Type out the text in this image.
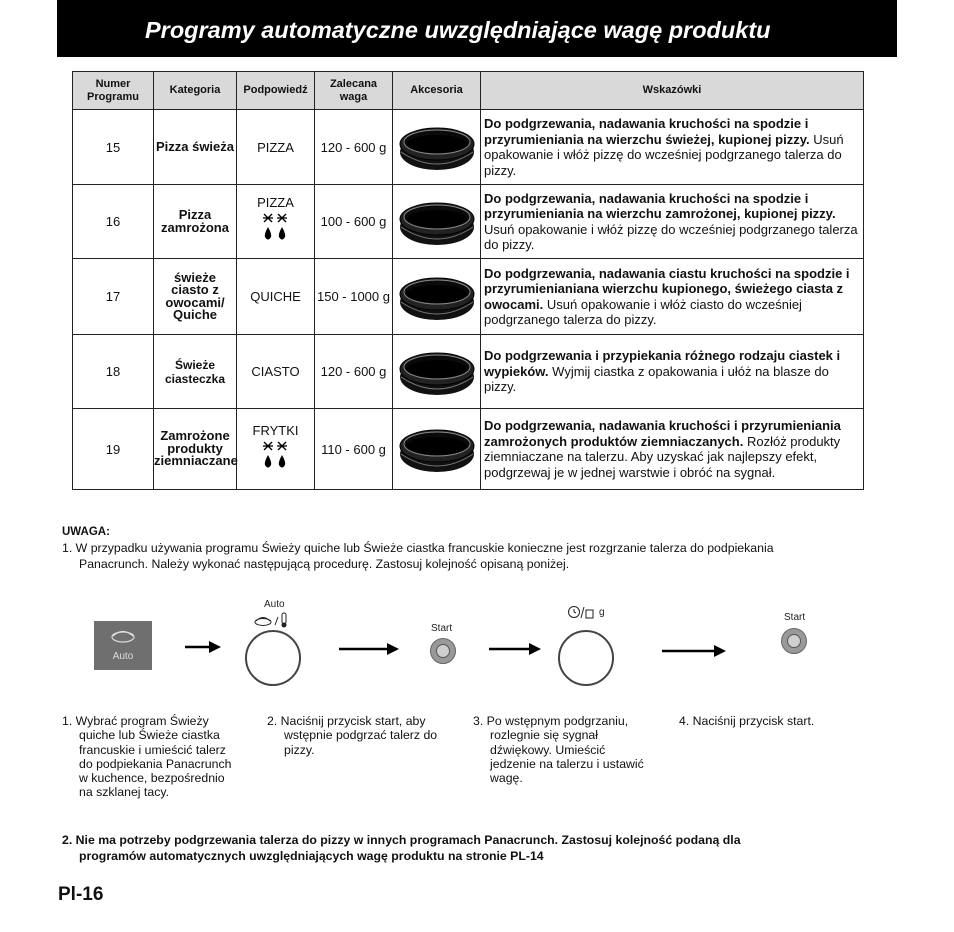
Programy automatyczne uwzględniające wagę produktu
Numer Programu	Kategoria	Podpowiedź	Zalecana waga	Akcesoria	Wskazówki
15	Pizza świeża	PIZZA	120 - 600 g		Do podgrzewania, nadawania kruchości na spodzie i przyrumieniania na wierzchu świeżej, kupionej pizzy. Usuń opakowanie i włóż pizzę do wcześniej podgrzanego talerza do pizzy.
16	Pizza zamrożona	PIZZA	100 - 600 g		Do podgrzewania, nadawania kruchości na spodzie i przyrumieniania na wierzchu zamrożonej, kupionej pizzy. Usuń opakowanie i włóż pizzę do wcześniej podgrzanego talerza do pizzy.
17	świeże ciasto z owocami/ Quiche	QUICHE	150 - 1000 g		Do podgrzewania, nadawania ciastu kruchości na spodzie i przyrumienianiana wierzchu kupionego, świeżego ciasta z owocami. Usuń opakowanie i włóż ciasto do wcześniej podgrzanego talerza do pizzy.
18	Świeże ciasteczka	CIASTO	120 - 600 g		Do podgrzewania i przypiekania różnego rodzaju ciastek i wypieków. Wyjmij ciastka z opakowania i ułóż na blasze do pizzy.
19	Zamrożone produkty ziemniaczane	FRYTKI	110 - 600 g		Do podgrzewania, nadawania kruchości i przyrumieniania zamrożonych produktów ziemniaczanych. Rozłóż produkty ziemniaczane na talerzu. Aby uzyskać jak najlepszy efekt, podgrzewaj je w jednej warstwie i obróć na sygnał.
UWAGA:
1. W przypadku używania programu Świeży quiche lub Świeże ciastka francuskie konieczne jest rozgrzanie talerza do podpiekania
Panacrunch. Należy wykonać następującą procedurę. Zastosuj kolejność opisaną poniżej.
Auto
Auto
Start
g	Start
1. Wybrać program Świeży
quiche lub Świeże ciastka
francuskie i umieścić talerz
do podpiekania Panacrunch
w kuchence, bezpośrednio
na szklanej tacy.
2. Naciśnij przycisk start, aby
wstępnie podgrzać talerz do
pizzy.
3. Po wstępnym podgrzaniu,
rozlegnie się sygnał
dźwiękowy. Umieścić
jedzenie na talerzu i ustawić
wagę.
4. Naciśnij przycisk start.
2. Nie ma potrzeby podgrzewania talerza do pizzy w innych programach Panacrunch. Zastosuj kolejność podaną dla
programów automatycznych uwzględniających wagę produktu na stronie PL-14
Pl-16
